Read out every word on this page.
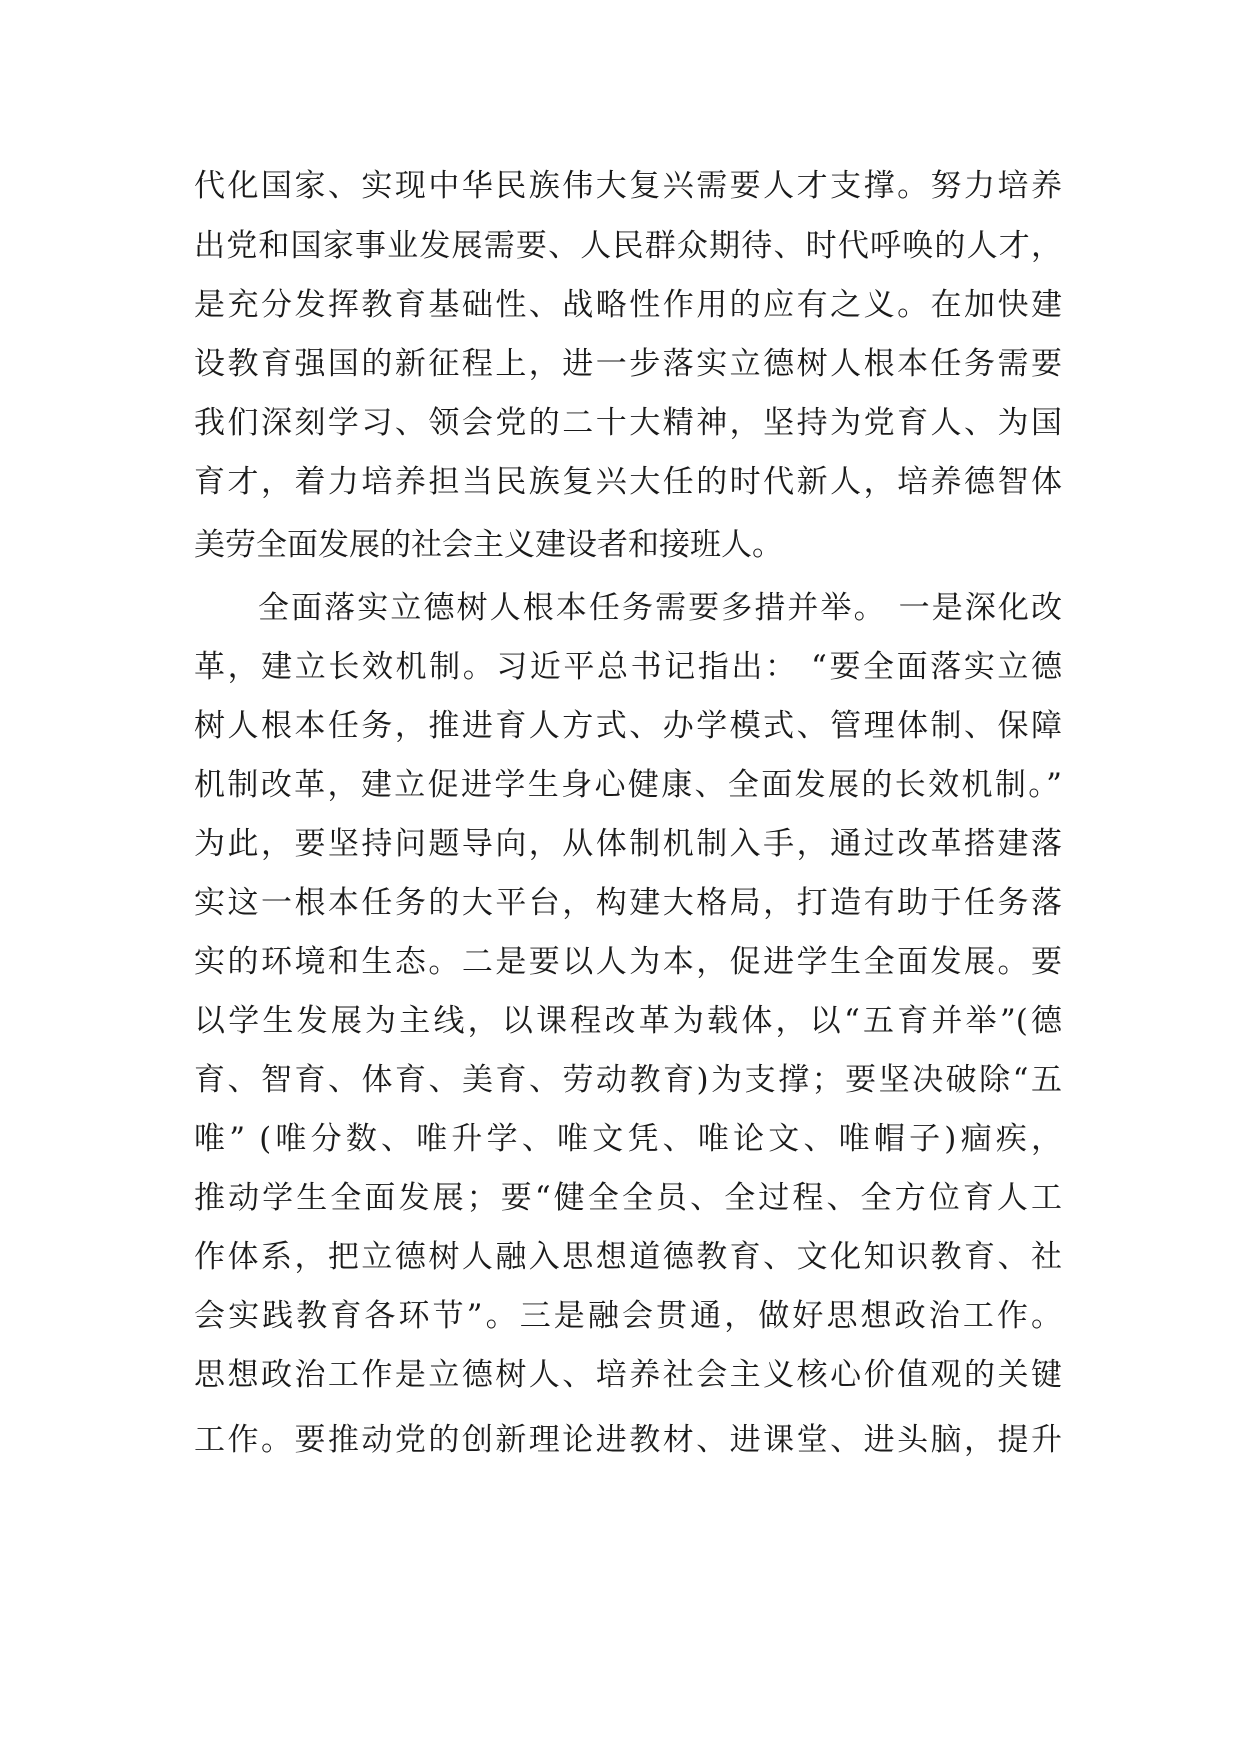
代化国家、实现中华民族伟大复兴需要人才支撑。努力培养
出党和国家事业发展需要、人民群众期待、时代呼唤的人才，
是充分发挥教育基础性、战略性作用的应有之义。在加快建
设教育强国的新征程上，进一步落实立德树人根本任务需要
我们深刻学习、领会党的二十大精神，坚持为党育人、为国
育才，着力培养担当民族复兴大任的时代新人，培养德智体
美劳全面发展的社会主义建设者和接班人。
全面落实立德树人根本任务需要多措并举。 一是深化改
革，建立长效机制。习近平总书记指出： “要全面落实立德
树人根本任务，推进育人方式、办学模式、管理体制、保障
机制改革，建立促进学生身心健康、全面发展的长效机制。”
为此，要坚持问题导向，从体制机制入手，通过改革搭建落
实这一根本任务的大平台，构建大格局，打造有助于任务落
实的环境和生态。二是要以人为本，促进学生全面发展。要
以学生发展为主线，以课程改革为载体，以“五育并举”(德
育、智育、体育、美育、劳动教育)为支撑；要坚决破除“五
唯” (唯分数、唯升学、唯文凭、唯论文、唯帽子)痼疾，
推动学生全面发展；要“健全全员、全过程、全方位育人工
作体系，把立德树人融入思想道德教育、文化知识教育、社
会实践教育各环节”。三是融会贯通，做好思想政治工作。
思想政治工作是立德树人、培养社会主义核心价值观的关键
工作。要推动党的创新理论进教材、进课堂、进头脑，提升
